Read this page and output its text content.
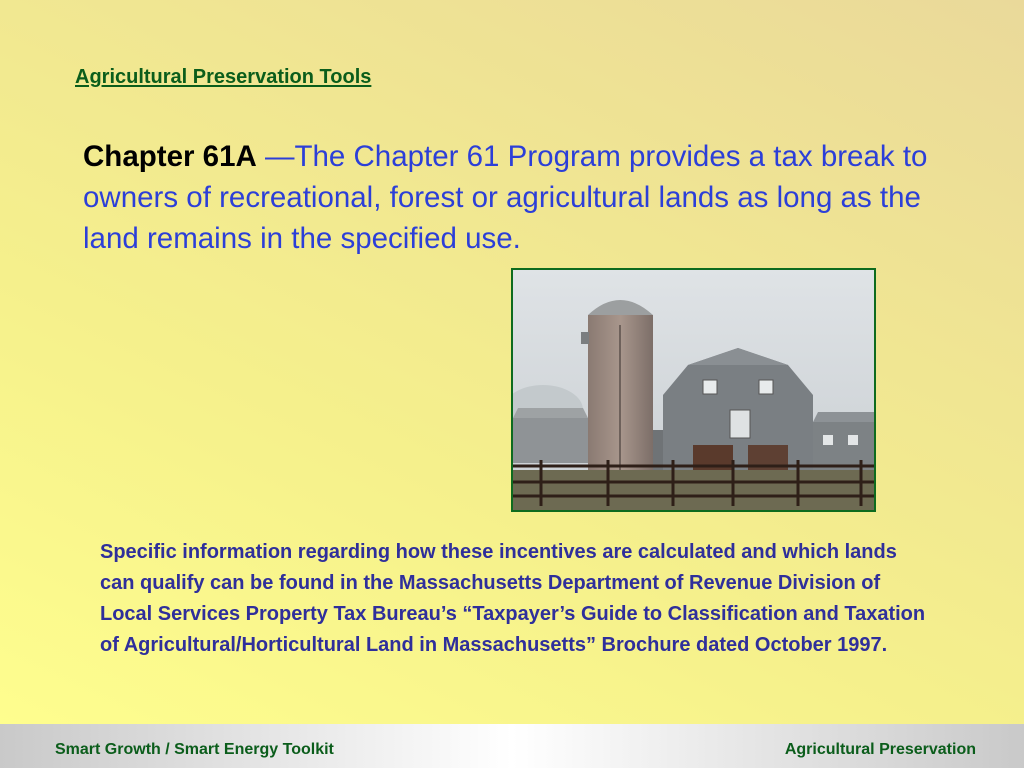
Agricultural Preservation Tools
Chapter 61A —The Chapter 61 Program provides a tax break to owners of recreational, forest or agricultural lands as long as the land remains in the specified use.
Specific information regarding how these incentives are calculated and which lands can qualify can be found in the Massachusetts Department of Revenue Division of Local Services Property Tax Bureau’s “Taxpayer’s Guide to Classification and Taxation of Agricultural/Horticultural Land in Massachusetts” Brochure dated October 1997.
Smart Growth / Smart Energy Toolkit	Agricultural Preservation
